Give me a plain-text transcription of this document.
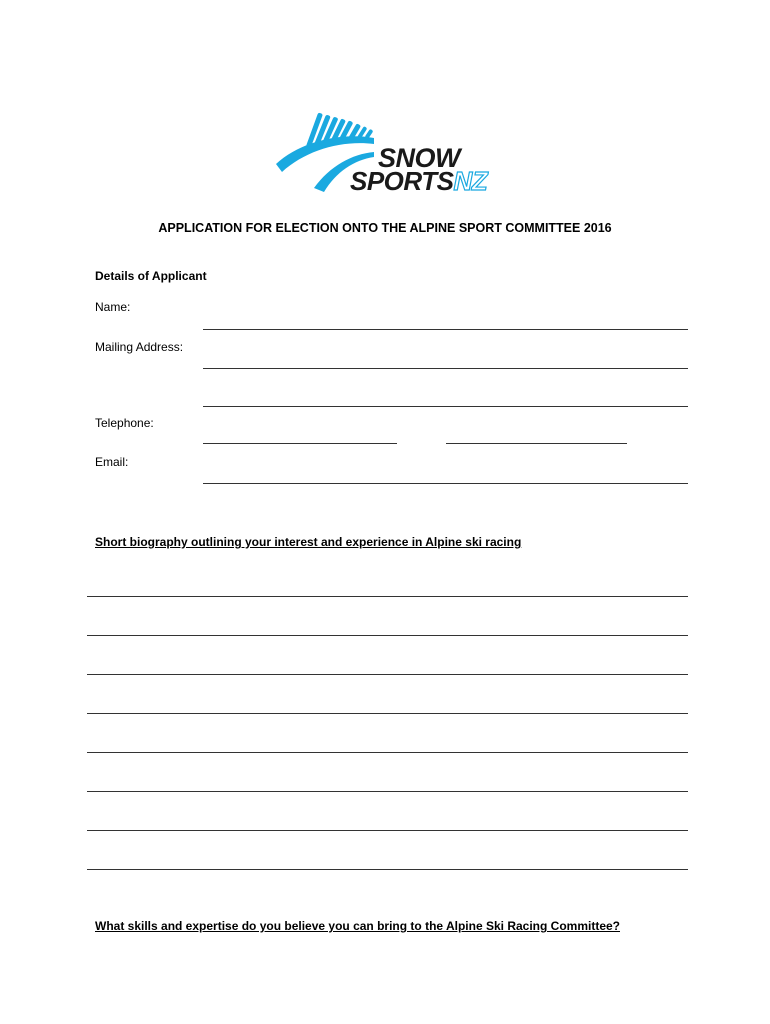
SNOW
SPORTSNZ
APPLICATION FOR ELECTION ONTO THE ALPINE SPORT COMMITTEE 2016
Details of Applicant
Name:
Mailing Address:
Telephone:
Email:
Short biography outlining your interest and experience in Alpine ski racing
What skills and expertise do you believe you can bring to the Alpine Ski Racing Committee?
